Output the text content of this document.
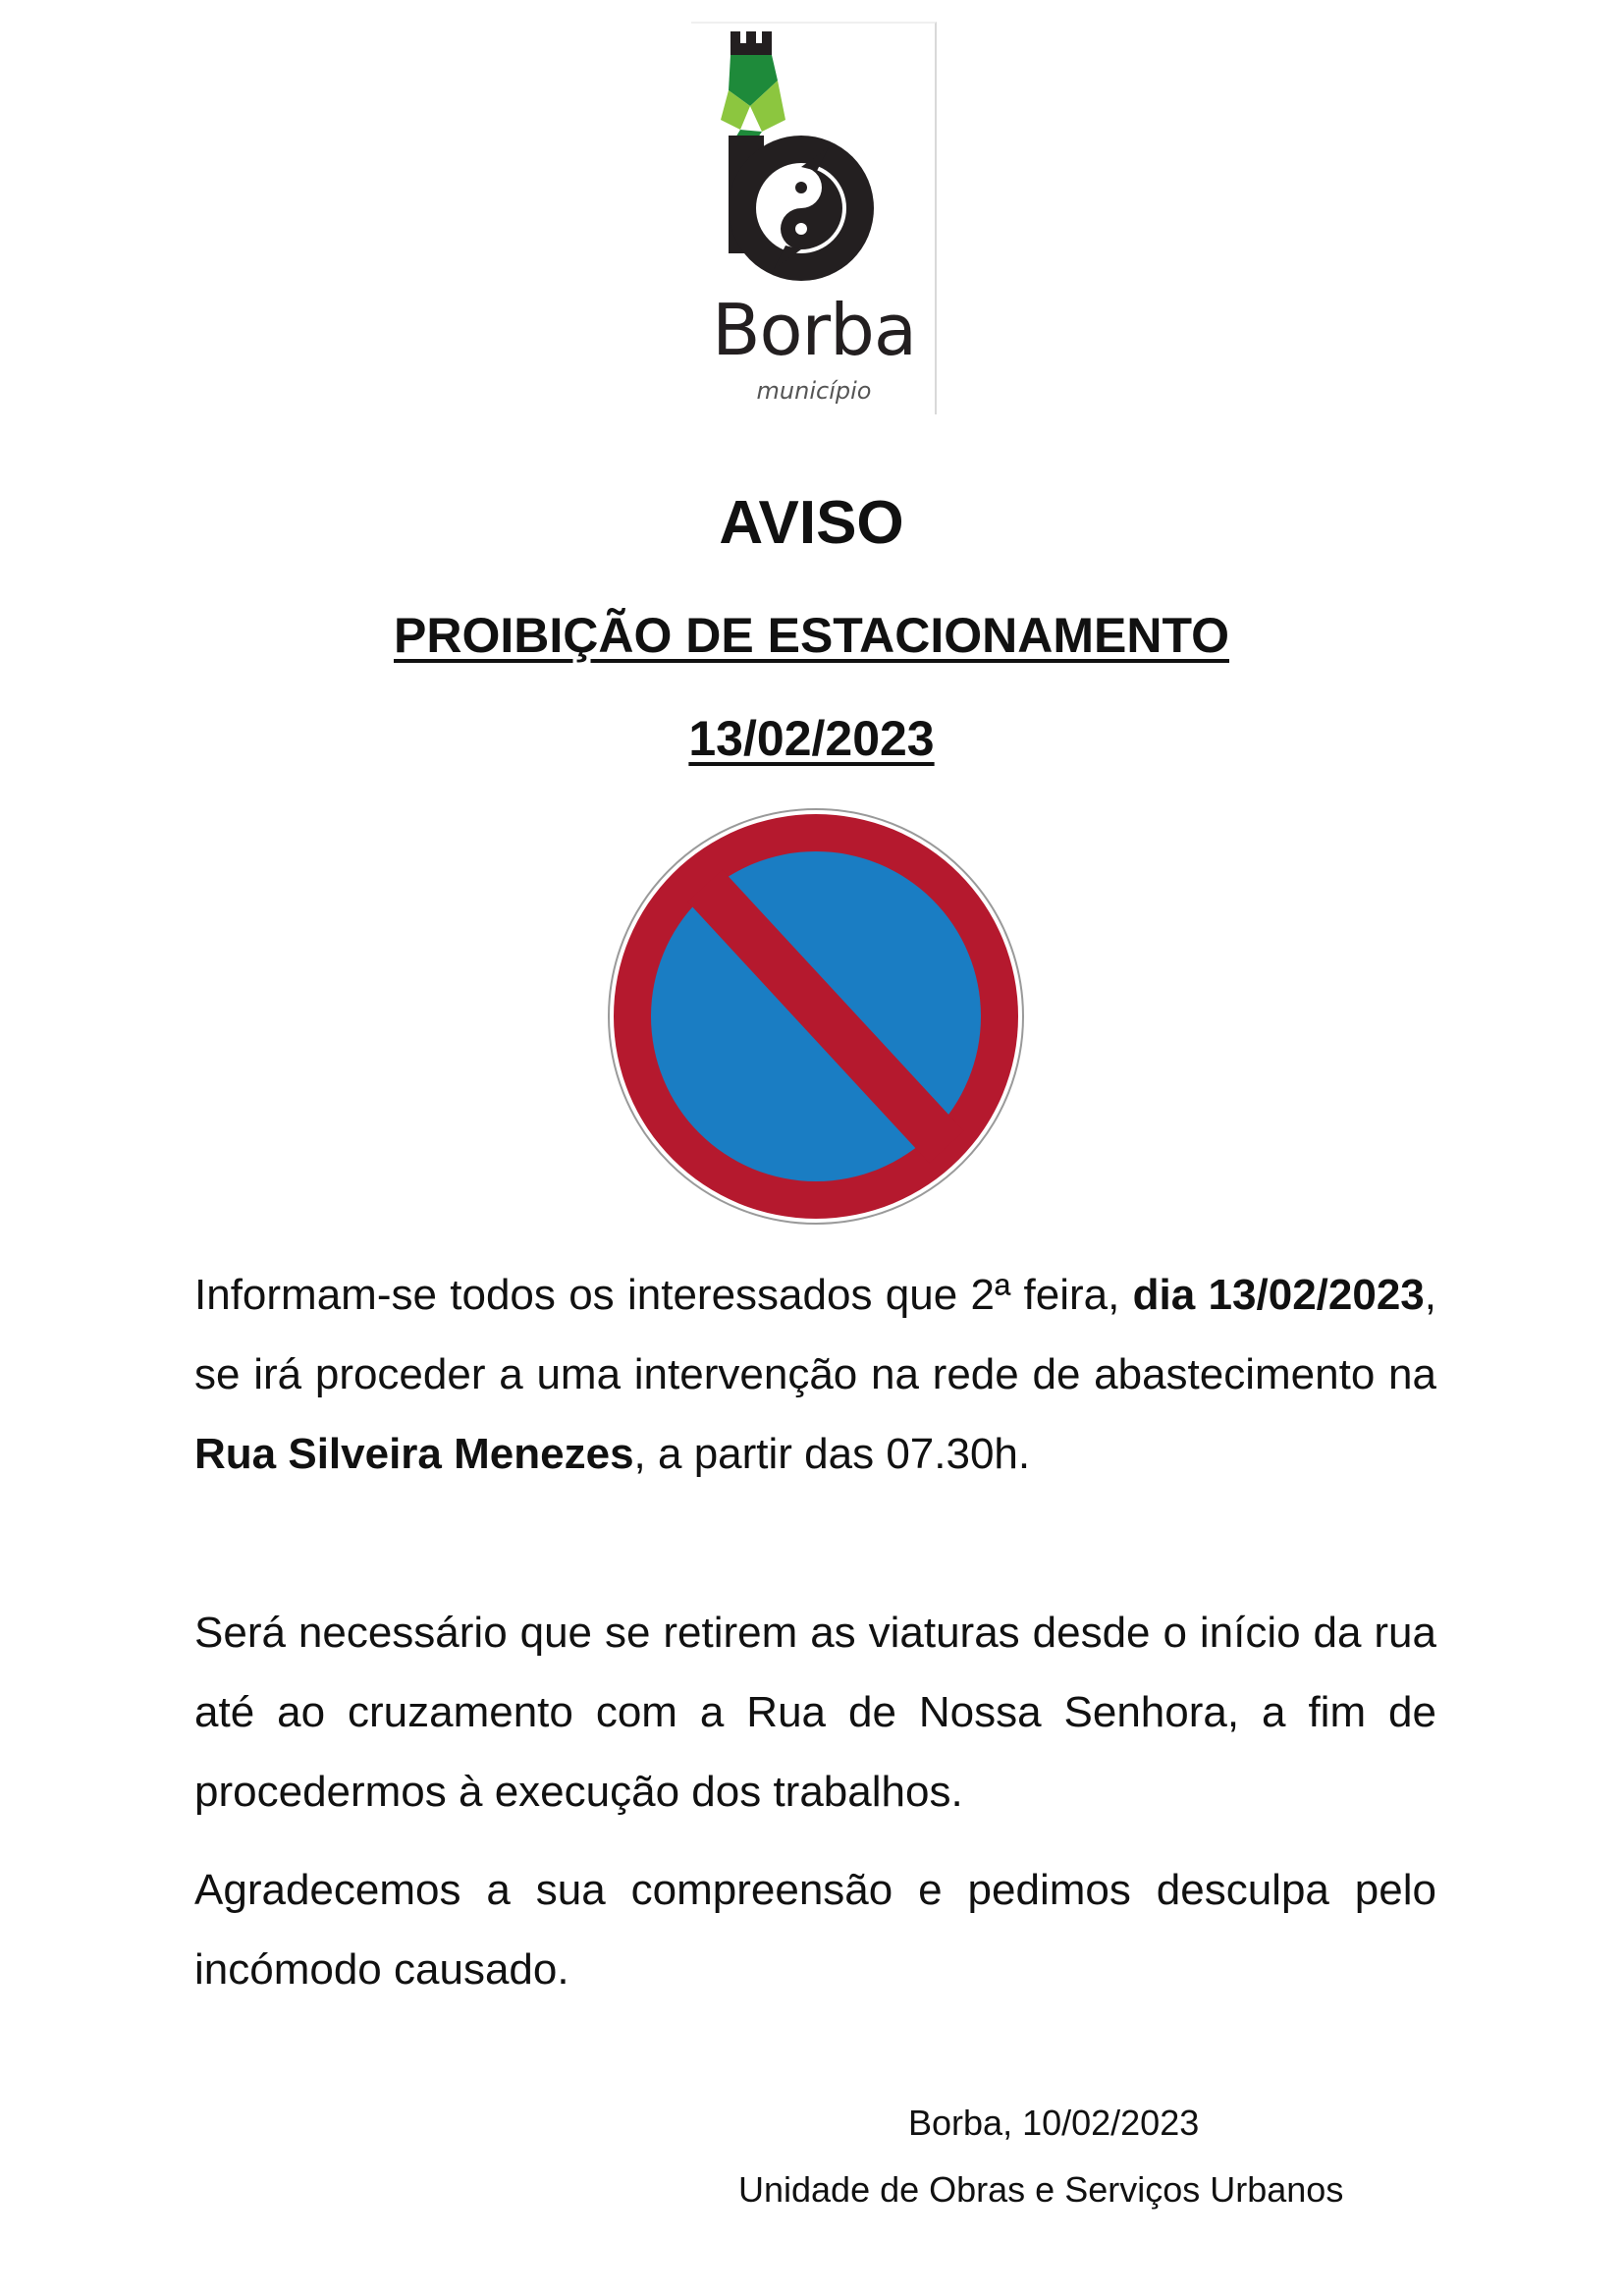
Borba
município
AVISO
PROIBIÇÃO DE ESTACIONAMENTO
13/02/2023

Informam-se todos os interessados que 2ª feira, dia 13/02/2023, se irá proceder a uma intervenção na rede de abastecimento na Rua Silveira Menezes, a partir das 07.30h.

Será necessário que se retirem as viaturas desde o início da rua até ao cruzamento com a Rua de Nossa Senhora, a fim de procedermos à execução dos trabalhos.

Agradecemos a sua compreensão e pedimos desculpa pelo incómodo causado.

Borba, 10/02/2023
Unidade de Obras e Serviços Urbanos
